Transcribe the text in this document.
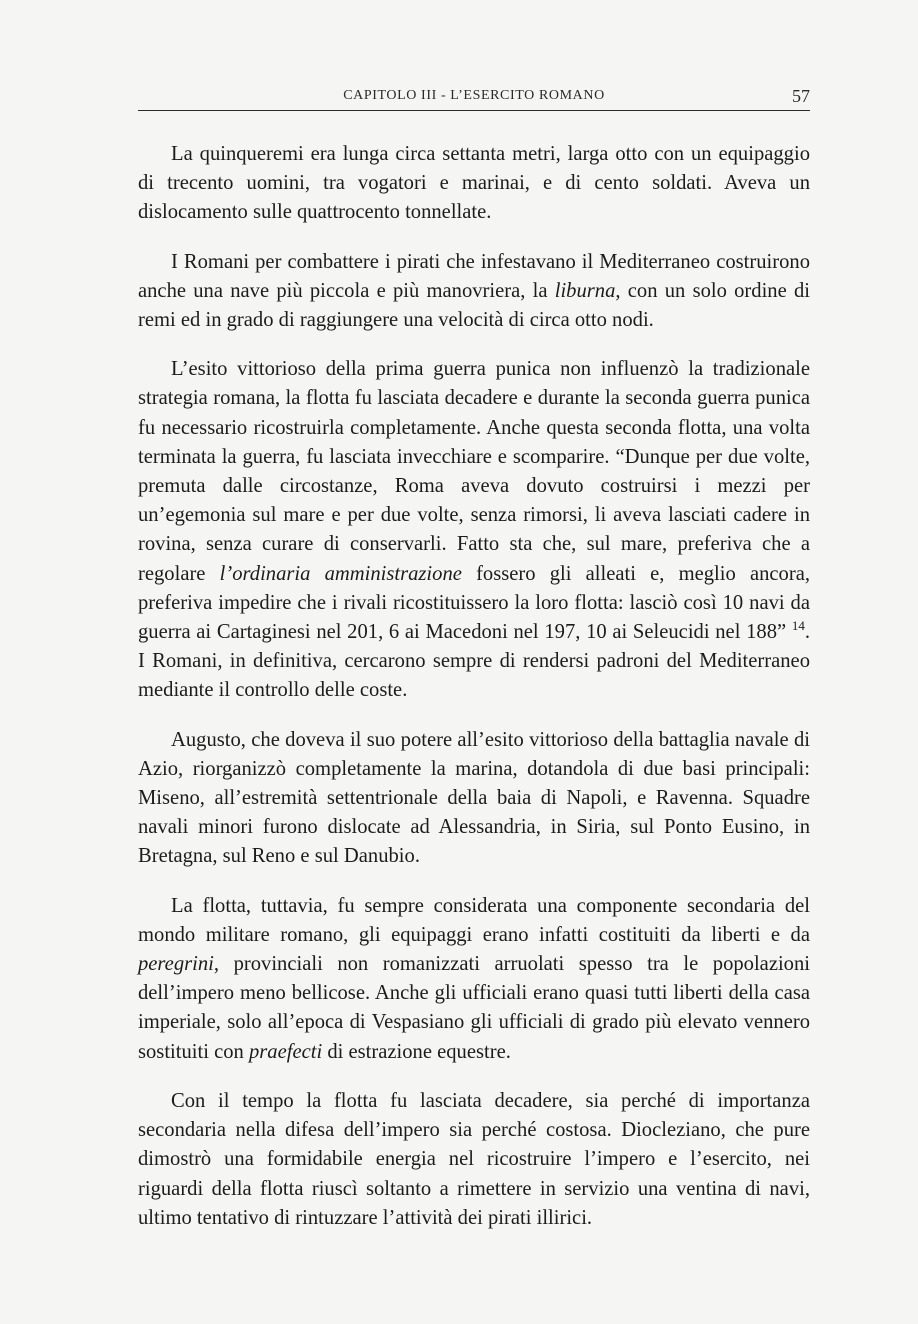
CAPITOLO III - L’ESERCITO ROMANO	57

La quinqueremi era lunga circa settanta metri, larga otto con un equipaggio di trecento uomini, tra vogatori e marinai, e di cento soldati. Aveva un dislocamento sulle quattrocento tonnellate.

I Romani per combattere i pirati che infestavano il Mediterraneo costruirono anche una nave più piccola e più manovriera, la liburna, con un solo ordine di remi ed in grado di raggiungere una velocità di circa otto nodi.

L’esito vittorioso della prima guerra punica non influenzò la tradizionale strategia romana, la flotta fu lasciata decadere e durante la seconda guerra punica fu necessario ricostruirla completamente. Anche questa seconda flotta, una volta terminata la guerra, fu lasciata invecchiare e scomparire. “Dunque per due volte, premuta dalle circostanze, Roma aveva dovuto costruirsi i mezzi per un’egemonia sul mare e per due volte, senza rimorsi, li aveva lasciati cadere in rovina, senza curare di conservarli. Fatto sta che, sul mare, preferiva che a regolare l’ordinaria amministrazione fossero gli alleati e, meglio ancora, preferiva impedire che i rivali ricostituissero la loro flotta: lasciò così 10 navi da guerra ai Cartaginesi nel 201, 6 ai Macedoni nel 197, 10 ai Seleucidi nel 188” $^{14}$. I Romani, in definitiva, cercarono sempre di rendersi padroni del Mediterraneo mediante il controllo delle coste.

Augusto, che doveva il suo potere all’esito vittorioso della battaglia navale di Azio, riorganizzò completamente la marina, dotandola di due basi principali: Miseno, all’estremità settentrionale della baia di Napoli, e Ravenna. Squadre navali minori furono dislocate ad Alessandria, in Siria, sul Ponto Eusino, in Bretagna, sul Reno e sul Danubio.

La flotta, tuttavia, fu sempre considerata una componente secondaria del mondo militare romano, gli equipaggi erano infatti costituiti da liberti e da peregrini, provinciali non romanizzati arruolati spesso tra le popolazioni dell’impero meno bellicose. Anche gli ufficiali erano quasi tutti liberti della casa imperiale, solo all’epoca di Vespasiano gli ufficiali di grado più elevato vennero sostituiti con praefecti di estrazione equestre.

Con il tempo la flotta fu lasciata decadere, sia perché di importanza secondaria nella difesa dell’impero sia perché costosa. Diocleziano, che pure dimostrò una formidabile energia nel ricostruire l’impero e l’esercito, nei riguardi della flotta riuscì soltanto a rimettere in servizio una ventina di navi, ultimo tentativo di rintuzzare l’attività dei pirati illirici.
